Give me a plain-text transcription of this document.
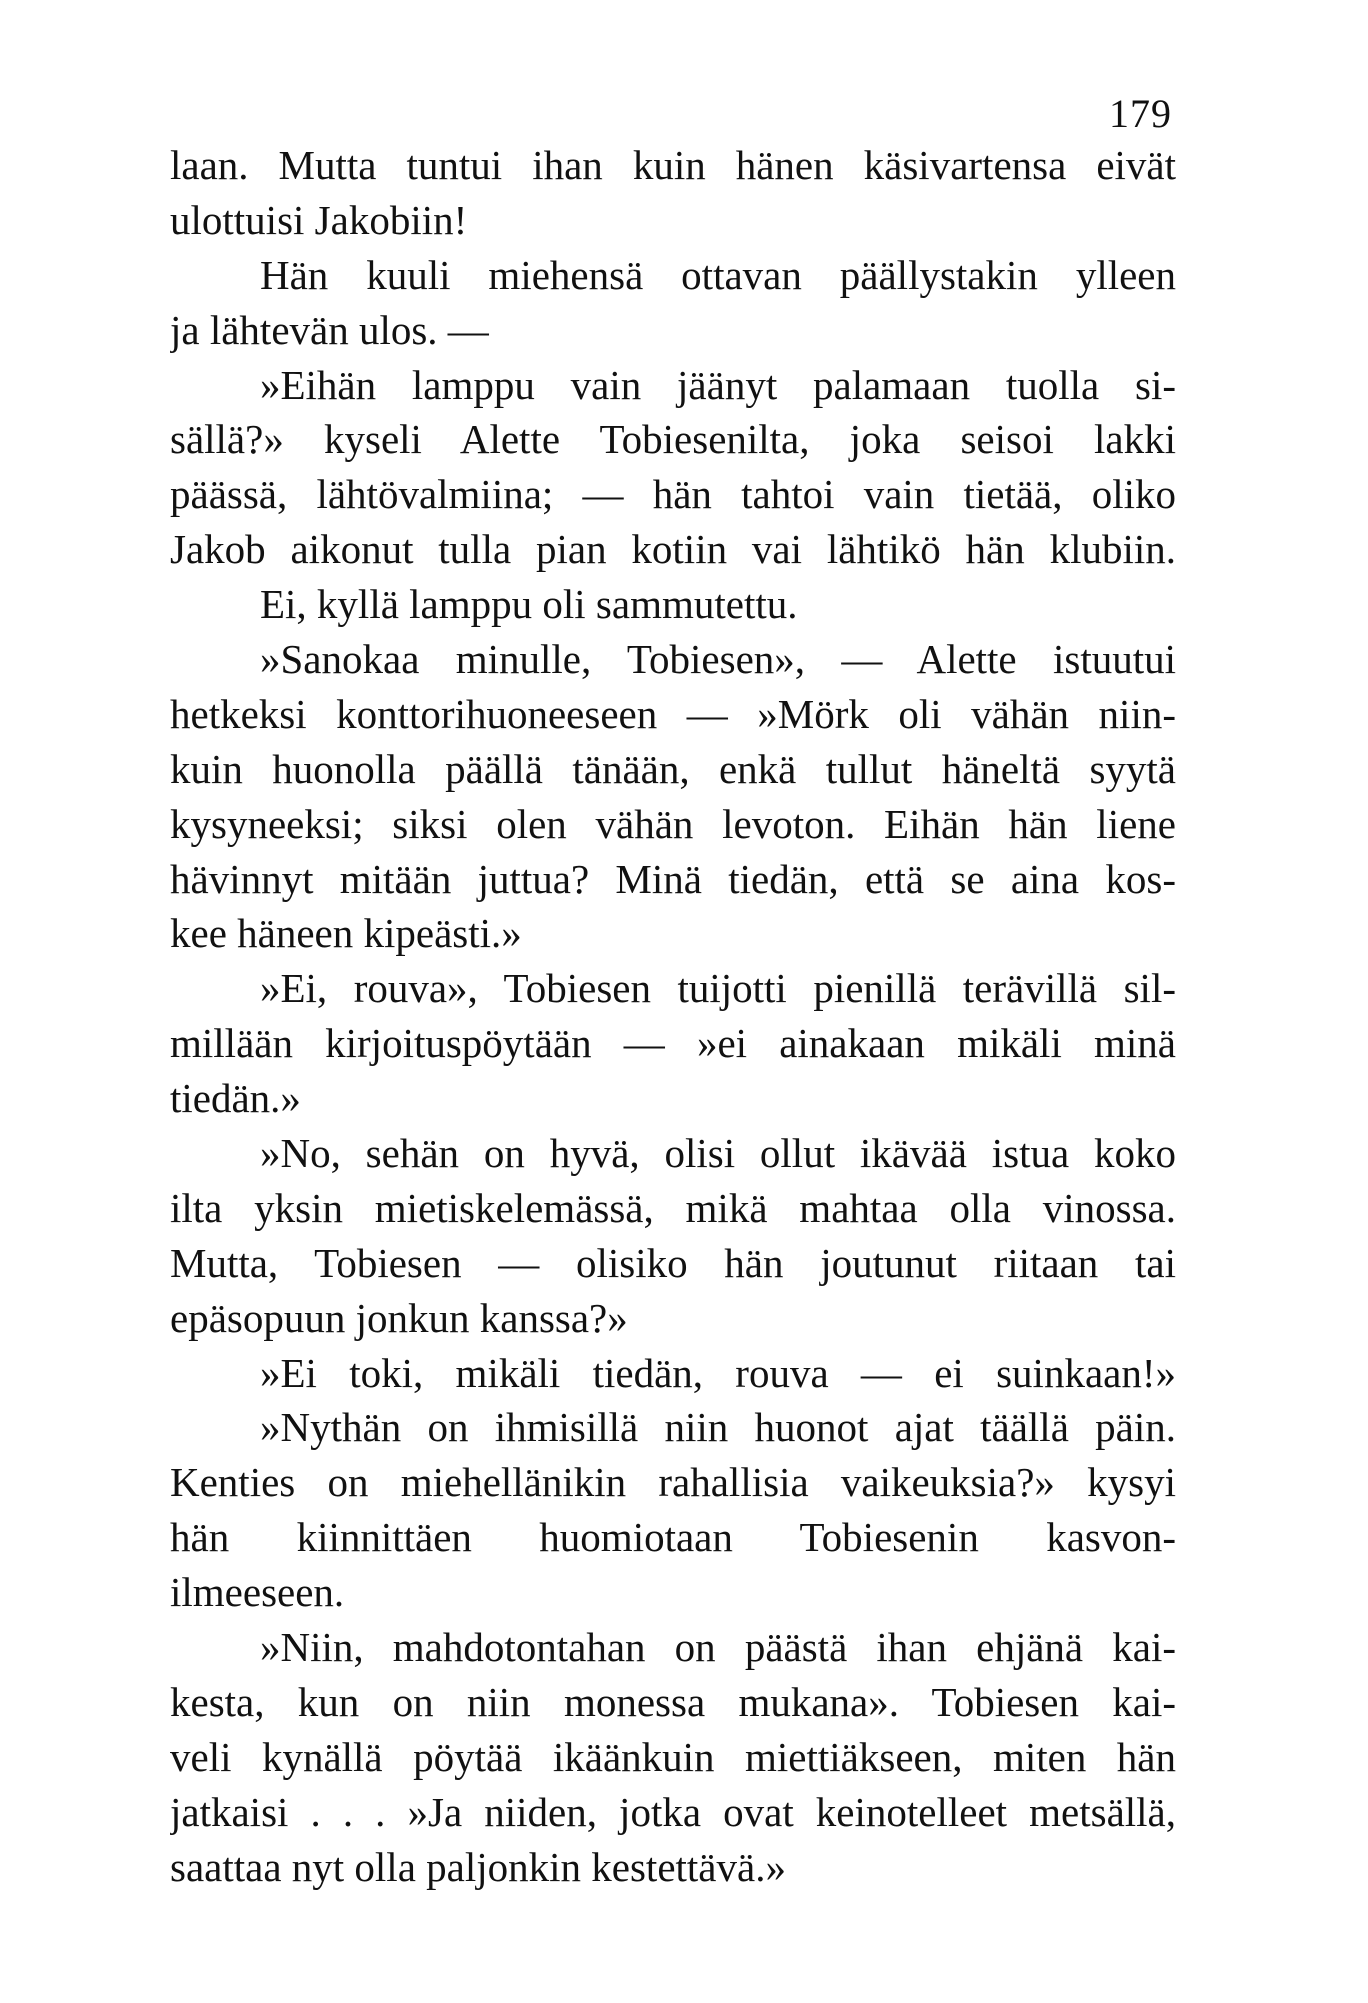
179
laan. Mutta tuntui ihan kuin hänen käsivartensa eivät
ulottuisi Jakobiin!
Hän kuuli miehensä ottavan päällystakin ylleen
ja lähtevän ulos. —
»Eihän lamppu vain jäänyt palamaan tuolla si-
sällä?» kyseli Alette Tobiesenilta, joka seisoi lakki
päässä, lähtövalmiina; — hän tahtoi vain tietää, oliko
Jakob aikonut tulla pian kotiin vai lähtikö hän klubiin.
Ei, kyllä lamppu oli sammutettu.
»Sanokaa minulle, Tobiesen», — Alette istuutui
hetkeksi konttorihuoneeseen — »Mörk oli vähän niin-
kuin huonolla päällä tänään, enkä tullut häneltä syytä
kysyneeksi; siksi olen vähän levoton. Eihän hän liene
hävinnyt mitään juttua? Minä tiedän, että se aina kos-
kee häneen kipeästi.»
»Ei, rouva», Tobiesen tuijotti pienillä terävillä sil-
millään kirjoituspöytään — »ei ainakaan mikäli minä
tiedän.»
»No, sehän on hyvä, olisi ollut ikävää istua koko
ilta yksin mietiskelemässä, mikä mahtaa olla vinossa.
Mutta, Tobiesen — olisiko hän joutunut riitaan tai
epäsopuun jonkun kanssa?»
»Ei toki, mikäli tiedän, rouva — ei suinkaan!»
»Nythän on ihmisillä niin huonot ajat täällä päin.
Kenties on miehellänikin rahallisia vaikeuksia?» kysyi
hän kiinnittäen huomiotaan Tobiesenin kasvon-
ilmeeseen.
»Niin, mahdotontahan on päästä ihan ehjänä kai-
kesta, kun on niin monessa mukana». Tobiesen kai-
veli kynällä pöytää ikäänkuin miettiäkseen, miten hän
jatkaisi . . . »Ja niiden, jotka ovat keinotelleet metsällä,
saattaa nyt olla paljonkin kestettävä.»
